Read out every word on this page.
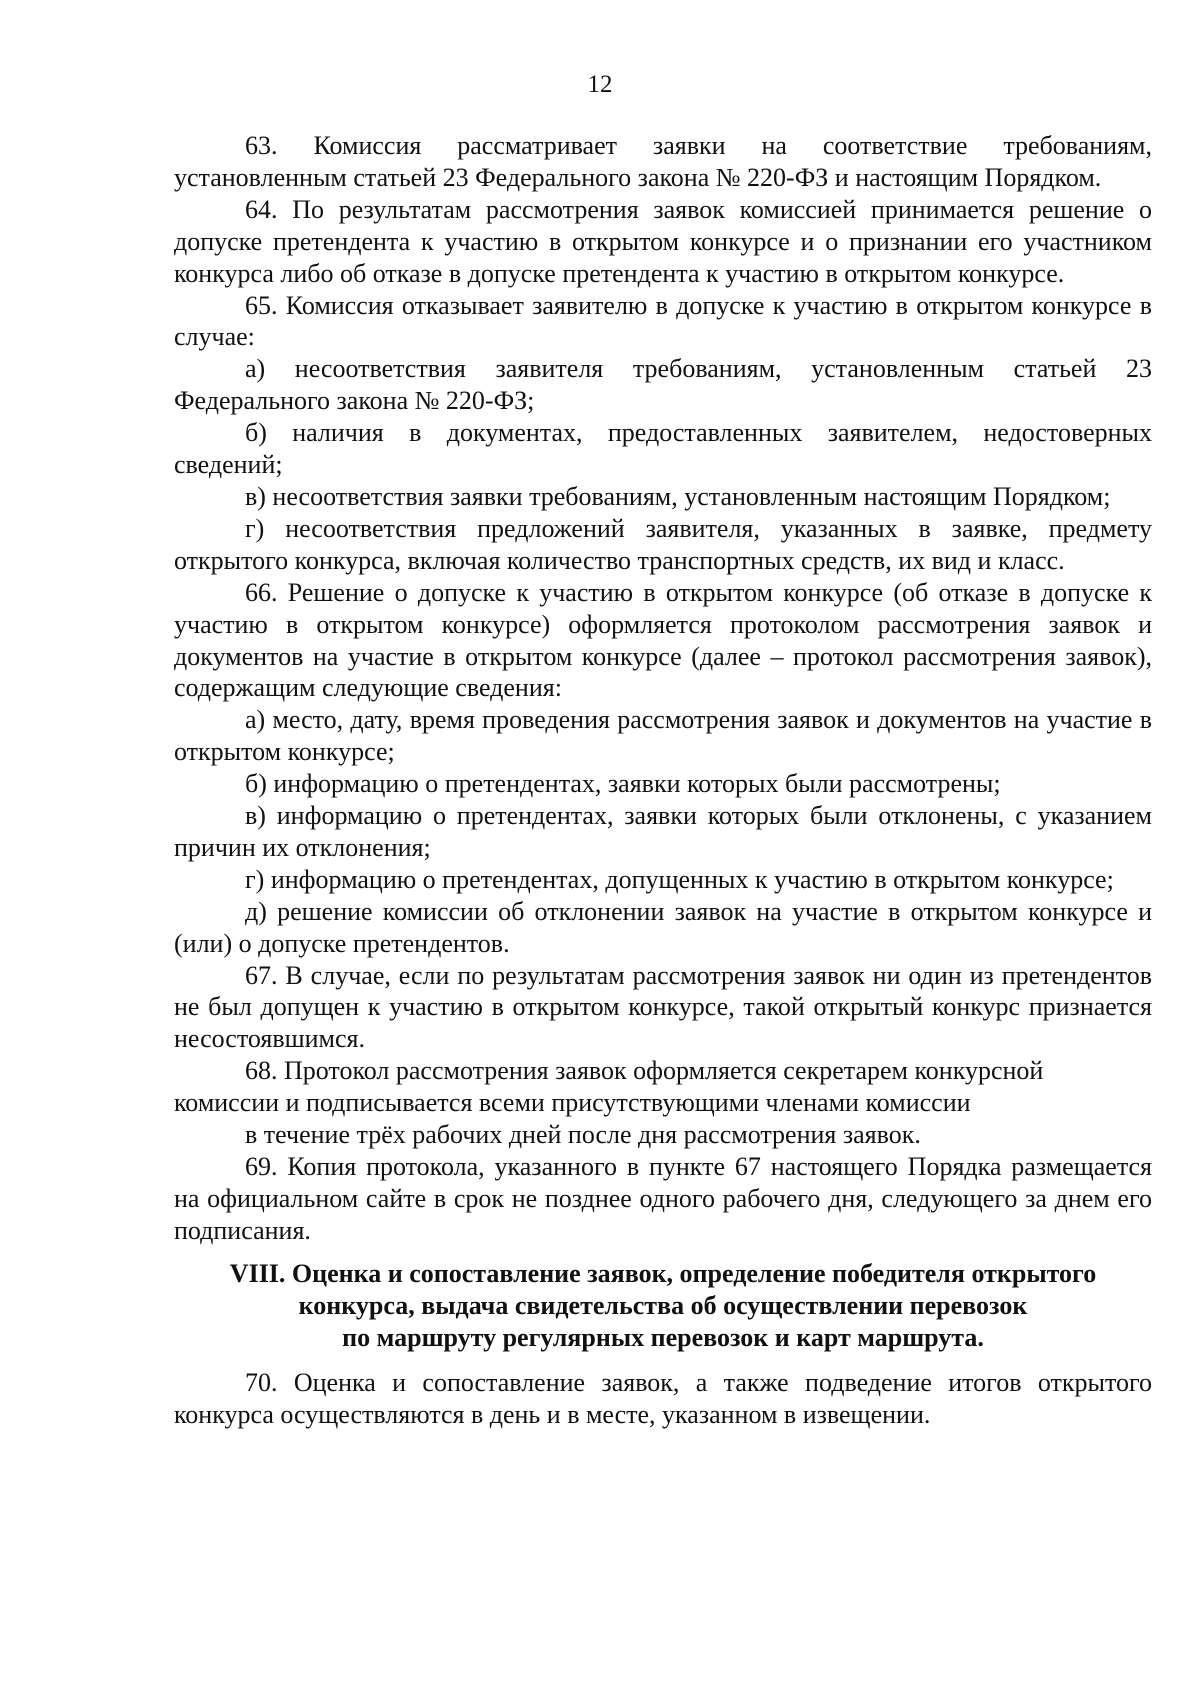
12

63. Комиссия рассматривает заявки на соответствие требованиям, установленным статьей 23 Федерального закона № 220-ФЗ и настоящим Порядком.

64. По результатам рассмотрения заявок комиссией принимается решение о допуске претендента к участию в открытом конкурсе и о признании его участником конкурса либо об отказе в допуске претендента к участию в открытом конкурсе.

65. Комиссия отказывает заявителю в допуске к участию в открытом конкурсе в случае:

а) несоответствия заявителя требованиям, установленным статьей 23 Федерального закона № 220-ФЗ;

б) наличия в документах, предоставленных заявителем, недостоверных сведений;

в) несоответствия заявки требованиям, установленным настоящим Порядком;

г) несоответствия предложений заявителя, указанных в заявке, предмету открытого конкурса, включая количество транспортных средств, их вид и класс.

66. Решение о допуске к участию в открытом конкурсе (об отказе в допуске к участию в открытом конкурсе) оформляется протоколом рассмотрения заявок и документов на участие в открытом конкурсе (далее – протокол рассмотрения заявок), содержащим следующие сведения:

а) место, дату, время проведения рассмотрения заявок и документов на участие в открытом конкурсе;

б) информацию о претендентах, заявки которых были рассмотрены;

в) информацию о претендентах, заявки которых были отклонены, с указанием причин их отклонения;

г) информацию о претендентах, допущенных к участию в открытом конкурсе;

д) решение комиссии об отклонении заявок на участие в открытом конкурсе и (или) о допуске претендентов.

67. В случае, если по результатам рассмотрения заявок ни один из претендентов не был допущен к участию в открытом конкурсе, такой открытый конкурс признается несостоявшимся.

68. Протокол рассмотрения заявок оформляется секретарем конкурсной комиссии и подписывается всеми присутствующими членами комиссии

в течение трёх рабочих дней после дня рассмотрения заявок.

69. Копия протокола, указанного в пункте 67 настоящего Порядка размещается на официальном сайте в срок не позднее одного рабочего дня, следующего за днем его подписания.

VIII. Оценка и сопоставление заявок, определение победителя открытого
конкурса, выдача свидетельства об осуществлении перевозок
по маршруту регулярных перевозок и карт маршрута.

70. Оценка и сопоставление заявок, а также подведение итогов открытого конкурса осуществляются в день и в месте, указанном в извещении.
